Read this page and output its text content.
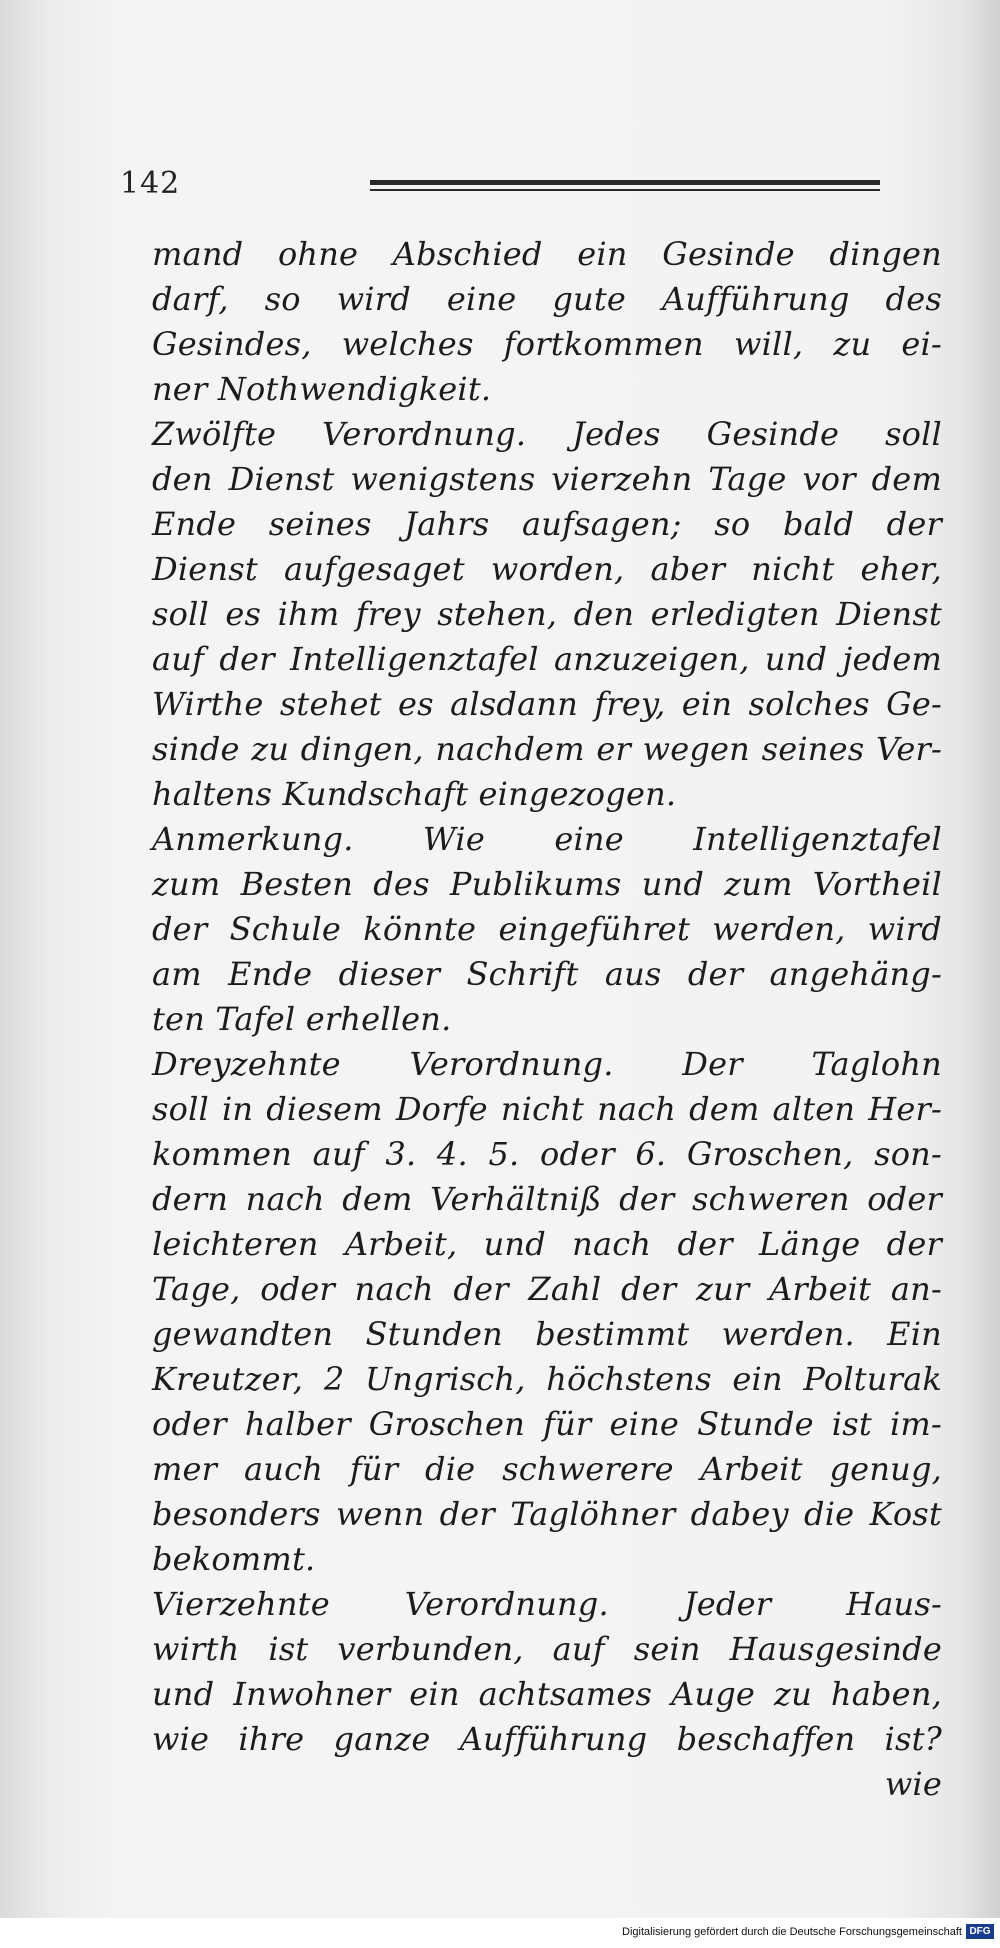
142
mand ohne Abschied ein Gesinde dingen
darf, so wird eine gute Aufführung des
Gesindes, welches fortkommen will, zu ei-
ner Nothwendigkeit.
Zwölfte Verordnung. Jedes Gesinde soll
den Dienst wenigstens vierzehn Tage vor dem
Ende seines Jahrs aufsagen; so bald der
Dienst aufgesaget worden, aber nicht eher,
soll es ihm frey stehen, den erledigten Dienst
auf der Intelligenztafel anzuzeigen, und jedem
Wirthe stehet es alsdann frey, ein solches Ge-
sinde zu dingen, nachdem er wegen seines Ver-
haltens Kundschaft eingezogen.
Anmerkung. Wie eine Intelligenztafel
zum Besten des Publikums und zum Vortheil
der Schule könnte eingeführet werden, wird
am Ende dieser Schrift aus der angehäng-
ten Tafel erhellen.
Dreyzehnte Verordnung. Der Taglohn
soll in diesem Dorfe nicht nach dem alten Her-
kommen auf 3. 4. 5. oder 6. Groschen, son-
dern nach dem Verhältniß der schweren oder
leichteren Arbeit, und nach der Länge der
Tage, oder nach der Zahl der zur Arbeit an-
gewandten Stunden bestimmt werden. Ein
Kreutzer, 2 Ungrisch, höchstens ein Polturak
oder halber Groschen für eine Stunde ist im-
mer auch für die schwerere Arbeit genug,
besonders wenn der Taglöhner dabey die Kost
bekommt.
Vierzehnte Verordnung. Jeder Haus-
wirth ist verbunden, auf sein Hausgesinde
und Inwohner ein achtsames Auge zu haben,
wie ihre ganze Aufführung beschaffen ist?
wie
Digitalisierung gefördert durch die Deutsche Forschungsgemeinschaft DFG
